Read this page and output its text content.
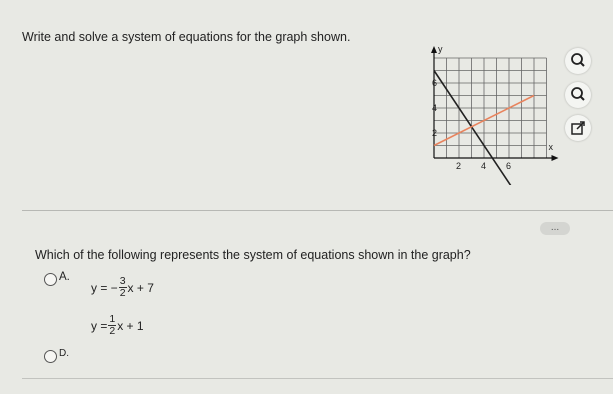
Write and solve a system of equations for the graph shown.
y
x
2 4 6
6
4
2
...
Which of the following represents the system of equations shown in the graph?
A.
y = − $\frac{3}{2}$ x + 7
$y = \frac{1}{2}$ x + 1
D.
